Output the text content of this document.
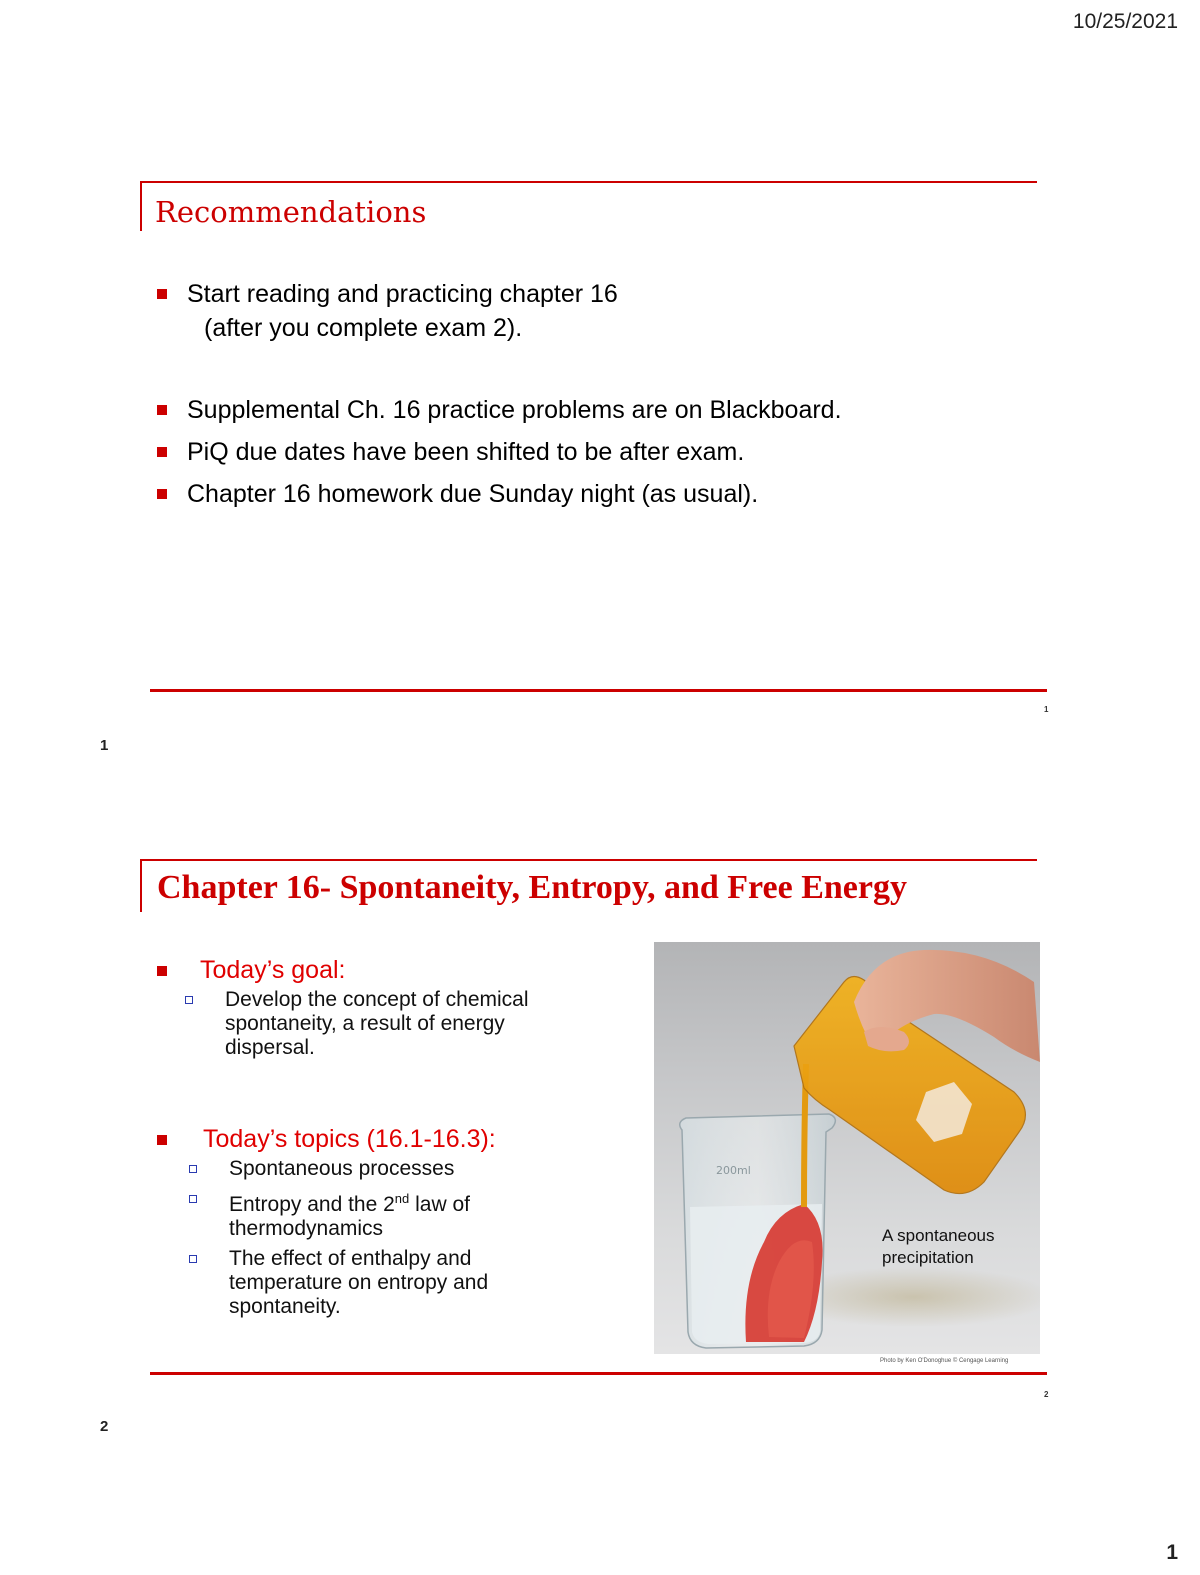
10/25/2021
1
Recommendations
Start reading and practicing chapter 16
(after you complete exam 2).
Supplemental Ch. 16 practice problems are on Blackboard.
PiQ due dates have been shifted to be after exam.
Chapter 16 homework due Sunday night (as usual).
1
1
Chapter 16- Spontaneity, Entropy, and Free Energy
Today’s goal:
Develop the concept of chemical
spontaneity, a result of energy
dispersal.
Today’s topics (16.1-16.3):
Spontaneous processes
Entropy and the 2nd law of
thermodynamics
The effect of enthalpy and
temperature on entropy and
spontaneity.
200ml
A spontaneous
precipitation
Photo by Ken O'Donoghue © Cengage Learning
2
2
